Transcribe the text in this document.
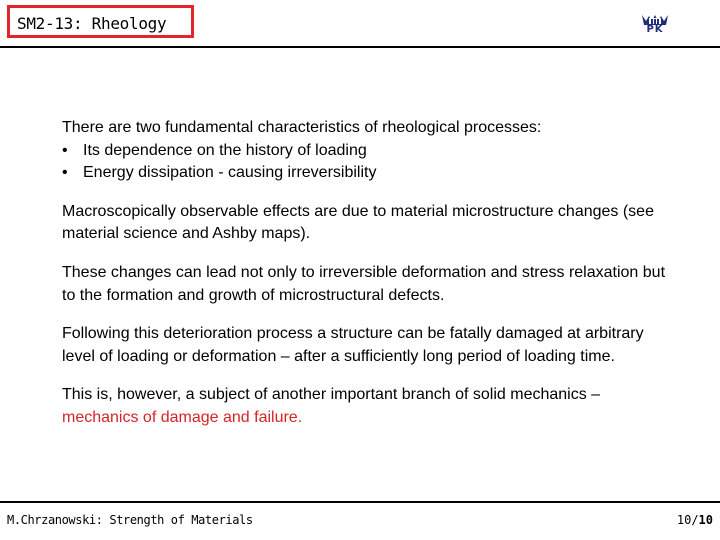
SM2-13: Rheology	PK

There are two fundamental characteristics of rheological processes:

• Its dependence on the history of loading
• Energy dissipation - causing irreversibility

Macroscopically observable effects are due to material microstructure changes (see material science and Ashby maps).

These changes can lead not only to irreversible deformation and stress relaxation but to the formation and growth of microstructural defects.

Following this deterioration process a structure can be fatally damaged at arbitrary level of loading or deformation – after a sufficiently long period of loading time.

This is, however, a subject of another important branch of solid mechanics – mechanics of damage and failure.

M.Chrzanowski: Strength of Materials	10/10
